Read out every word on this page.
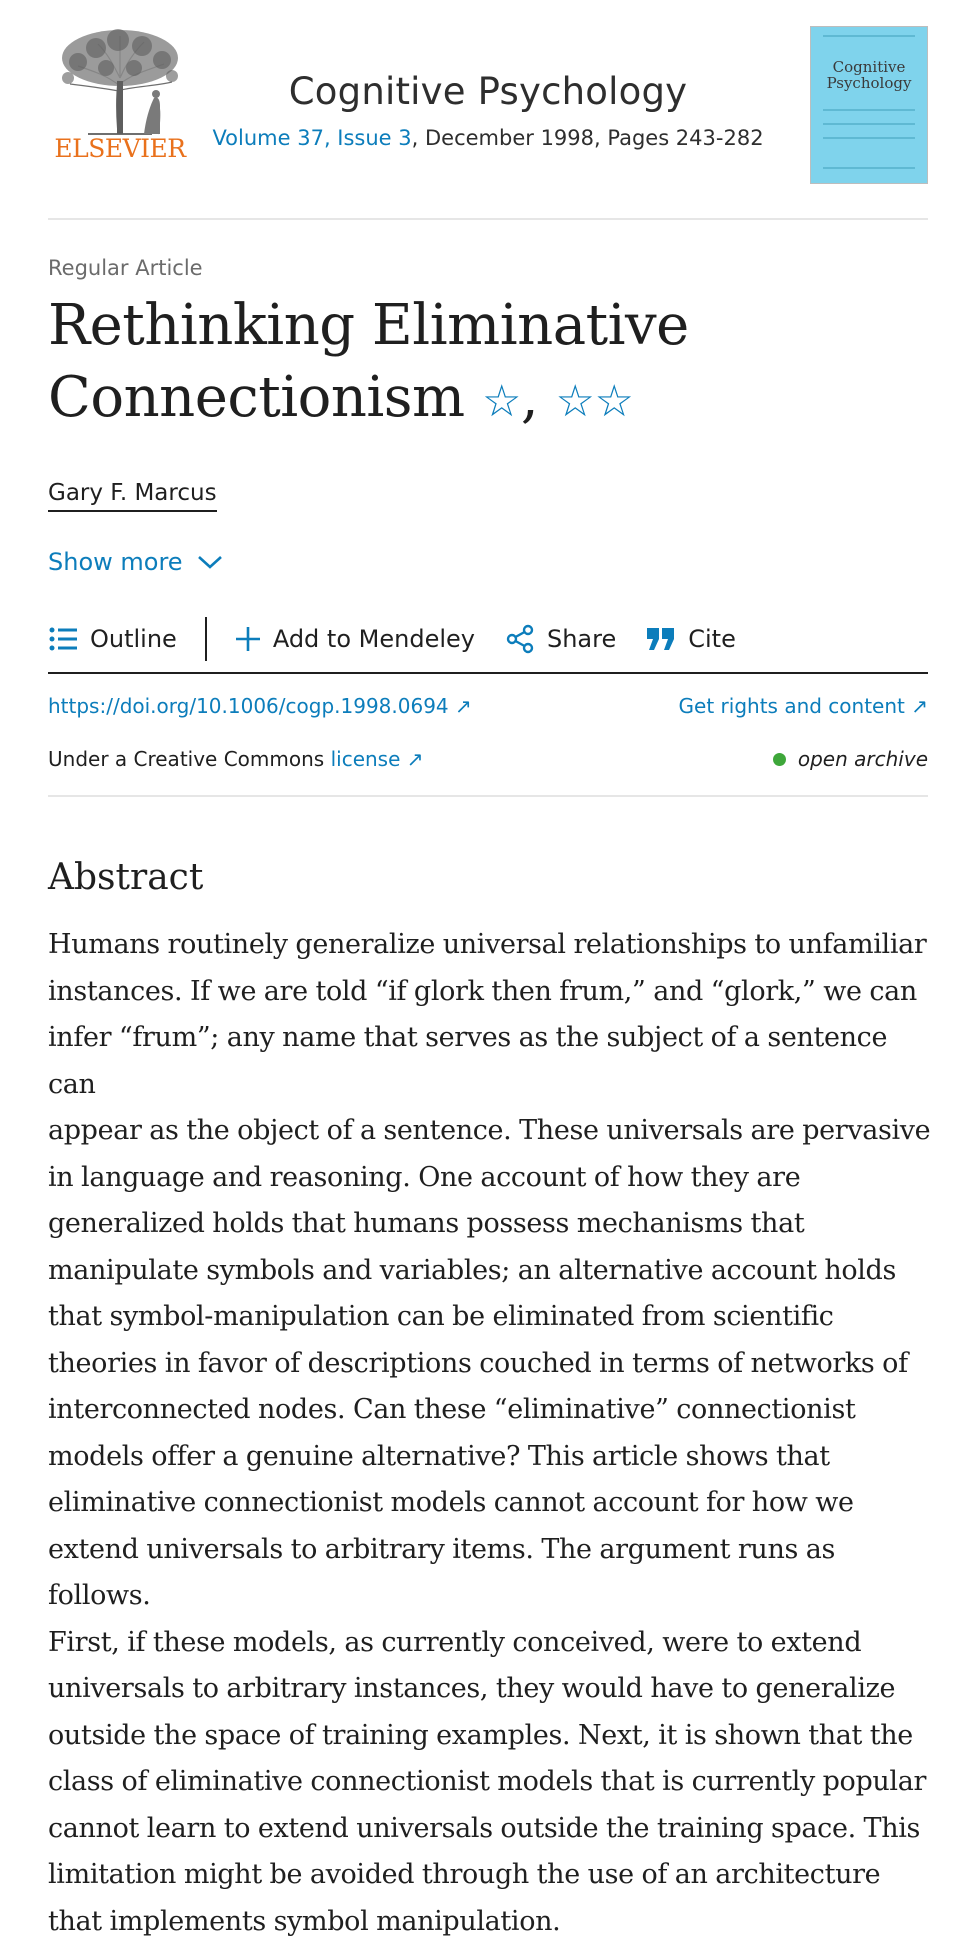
ELSEVIER
Cognitive Psychology
Volume 37, Issue 3, December 1998, Pages 243-282
Cognitive
Psychology
Regular Article
Rethinking Eliminative
Connectionism ☆, ☆☆
Gary F. Marcus
Show more
Outline	Add to Mendeley	Share	Cite
https://doi.org/10.1006/cogp.1998.0694 ↗	Get rights and content ↗
Under a Creative Commons license ↗	open archive
Abstract
Humans routinely generalize universal relationships to unfamiliar
instances. If we are told “if glork then frum,” and “glork,” we can
infer “frum”; any name that serves as the subject of a sentence can
appear as the object of a sentence. These universals are pervasive
in language and reasoning. One account of how they are
generalized holds that humans possess mechanisms that
manipulate symbols and variables; an alternative account holds
that symbol-manipulation can be eliminated from scientific
theories in favor of descriptions couched in terms of networks of
interconnected nodes. Can these “eliminative” connectionist
models offer a genuine alternative? This article shows that
eliminative connectionist models cannot account for how we
extend universals to arbitrary items. The argument runs as follows.
First, if these models, as currently conceived, were to extend
universals to arbitrary instances, they would have to generalize
outside the space of training examples. Next, it is shown that the
class of eliminative connectionist models that is currently popular
cannot learn to extend universals outside the training space. This
limitation might be avoided through the use of an architecture
that implements symbol manipulation.
